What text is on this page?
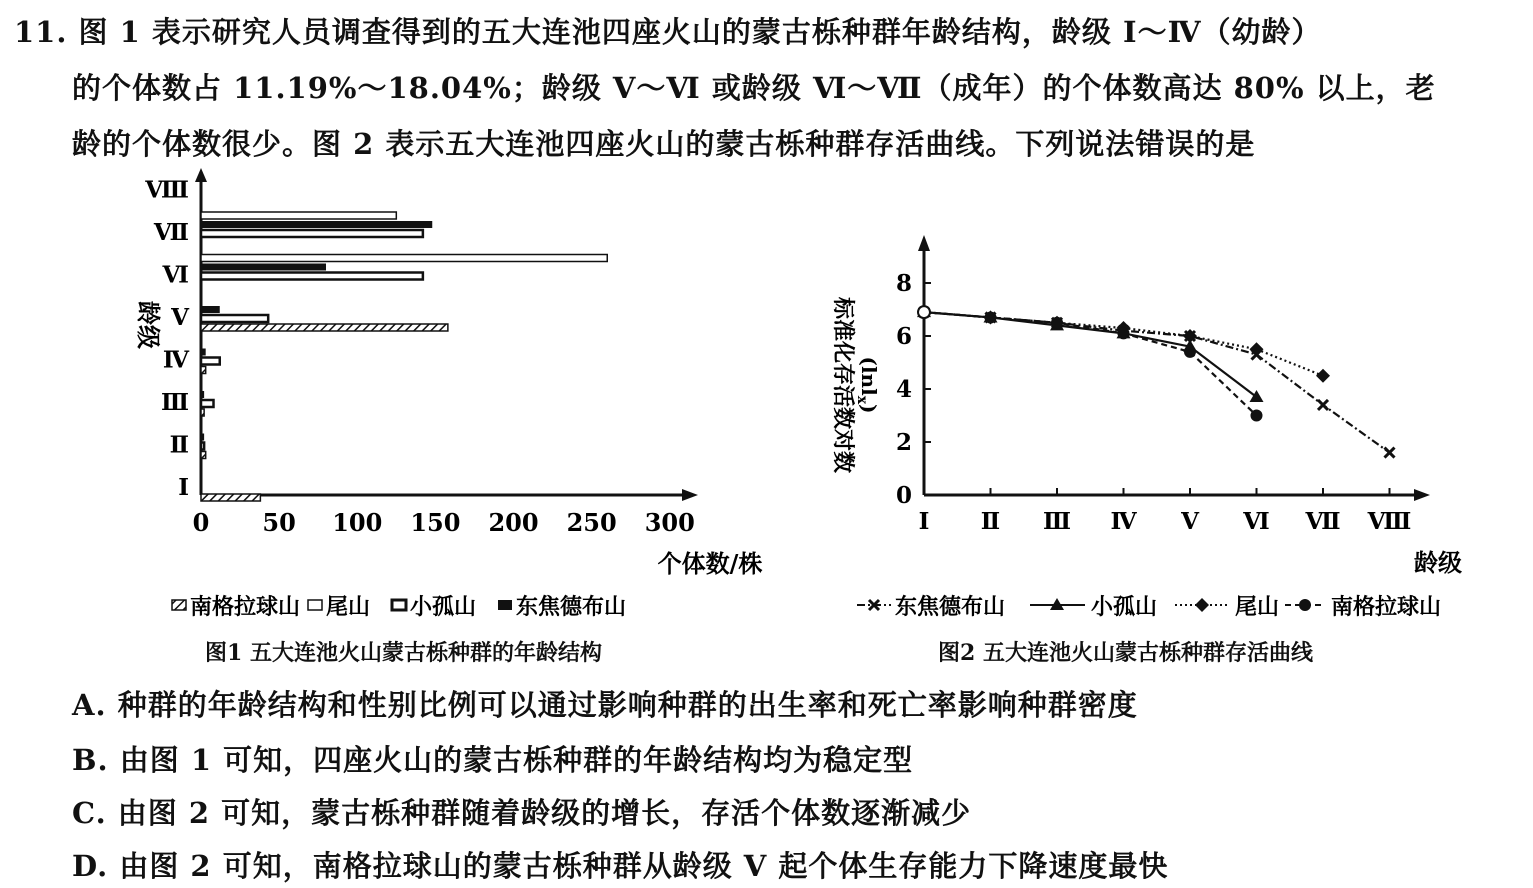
11. 图 1 表示研究人员调查得到的五大连池四座火山的蒙古栎种群年龄结构，龄级 Ⅰ～Ⅳ（幼龄）
的个体数占 11.19%～18.04%；龄级 Ⅴ～Ⅵ 或龄级 Ⅵ～Ⅶ（成年）的个体数高达 80% 以上，老
龄的个体数很少。图 2 表示五大连池四座火山的蒙古栎种群存活曲线。下列说法错误的是
0 50 100 150 200 250 300
Ⅰ
Ⅱ
Ⅲ
Ⅳ
Ⅴ
Ⅵ
Ⅶ
Ⅷ
龄级
个体数/株
南格拉球山 尾山 小孤山 东焦德布山
图1 五大连池火山蒙古栎种群的年龄结构
0
2
4
6
8
Ⅰ Ⅱ Ⅲ Ⅳ Ⅴ Ⅵ Ⅶ Ⅷ
标准化存活数对数 (lnl$_x$)
龄级
东焦德布山	小孤山	尾山 南格拉球山
图2 五大连池火山蒙古栎种群存活曲线
A. 种群的年龄结构和性别比例可以通过影响种群的出生率和死亡率影响种群密度
B. 由图 1 可知，四座火山的蒙古栎种群的年龄结构均为稳定型
C. 由图 2 可知，蒙古栎种群随着龄级的增长，存活个体数逐渐减少
D. 由图 2 可知，南格拉球山的蒙古栎种群从龄级 Ⅴ 起个体生存能力下降速度最快
